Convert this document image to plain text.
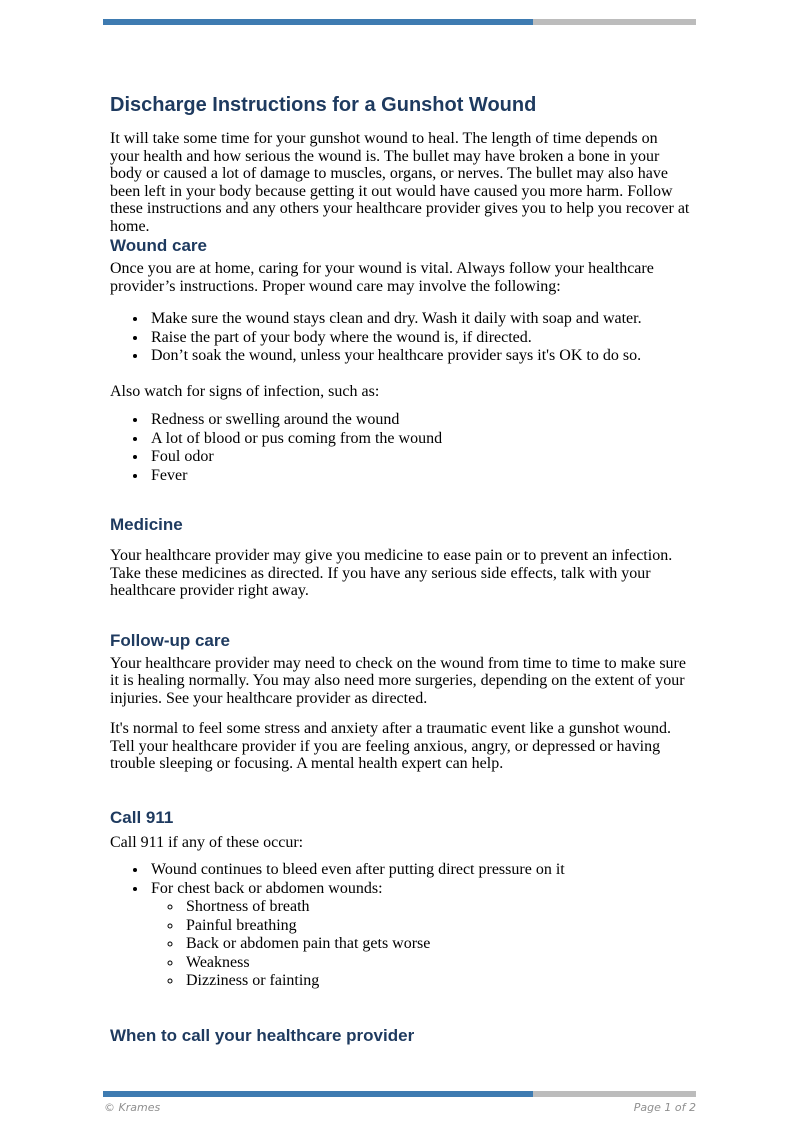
Discharge Instructions for a Gunshot Wound

It will take some time for your gunshot wound to heal. The length of time depends on your health and how serious the wound is. The bullet may have broken a bone in your body or caused a lot of damage to muscles, organs, or nerves. The bullet may also have been left in your body because getting it out would have caused you more harm. Follow these instructions and any others your healthcare provider gives you to help you recover at home.

Wound care

Once you are at home, caring for your wound is vital. Always follow your healthcare provider’s instructions. Proper wound care may involve the following:

• Make sure the wound stays clean and dry. Wash it daily with soap and water.
• Raise the part of your body where the wound is, if directed.
• Don’t soak the wound, unless your healthcare provider says it's OK to do so.

Also watch for signs of infection, such as:

• Redness or swelling around the wound
• A lot of blood or pus coming from the wound
• Foul odor
• Fever
Medicine

Your healthcare provider may give you medicine to ease pain or to prevent an infection. Take these medicines as directed. If you have any serious side effects, talk with your healthcare provider right away.

Follow-up care

Your healthcare provider may need to check on the wound from time to time to make sure it is healing normally. You may also need more surgeries, depending on the extent of your injuries. See your healthcare provider as directed.

It's normal to feel some stress and anxiety after a traumatic event like a gunshot wound. Tell your healthcare provider if you are feeling anxious, angry, or depressed or having trouble sleeping or focusing. A mental health expert can help.

Call 911

Call 911 if any of these occur:

• Wound continues to bleed even after putting direct pressure on it
• For chest back or abdomen wounds:
◦ Shortness of breath
◦ Painful breathing
◦ Back or abdomen pain that gets worse
◦ Weakness
◦ Dizziness or fainting
When to call your healthcare provider
© Krames	Page 1 of 2
